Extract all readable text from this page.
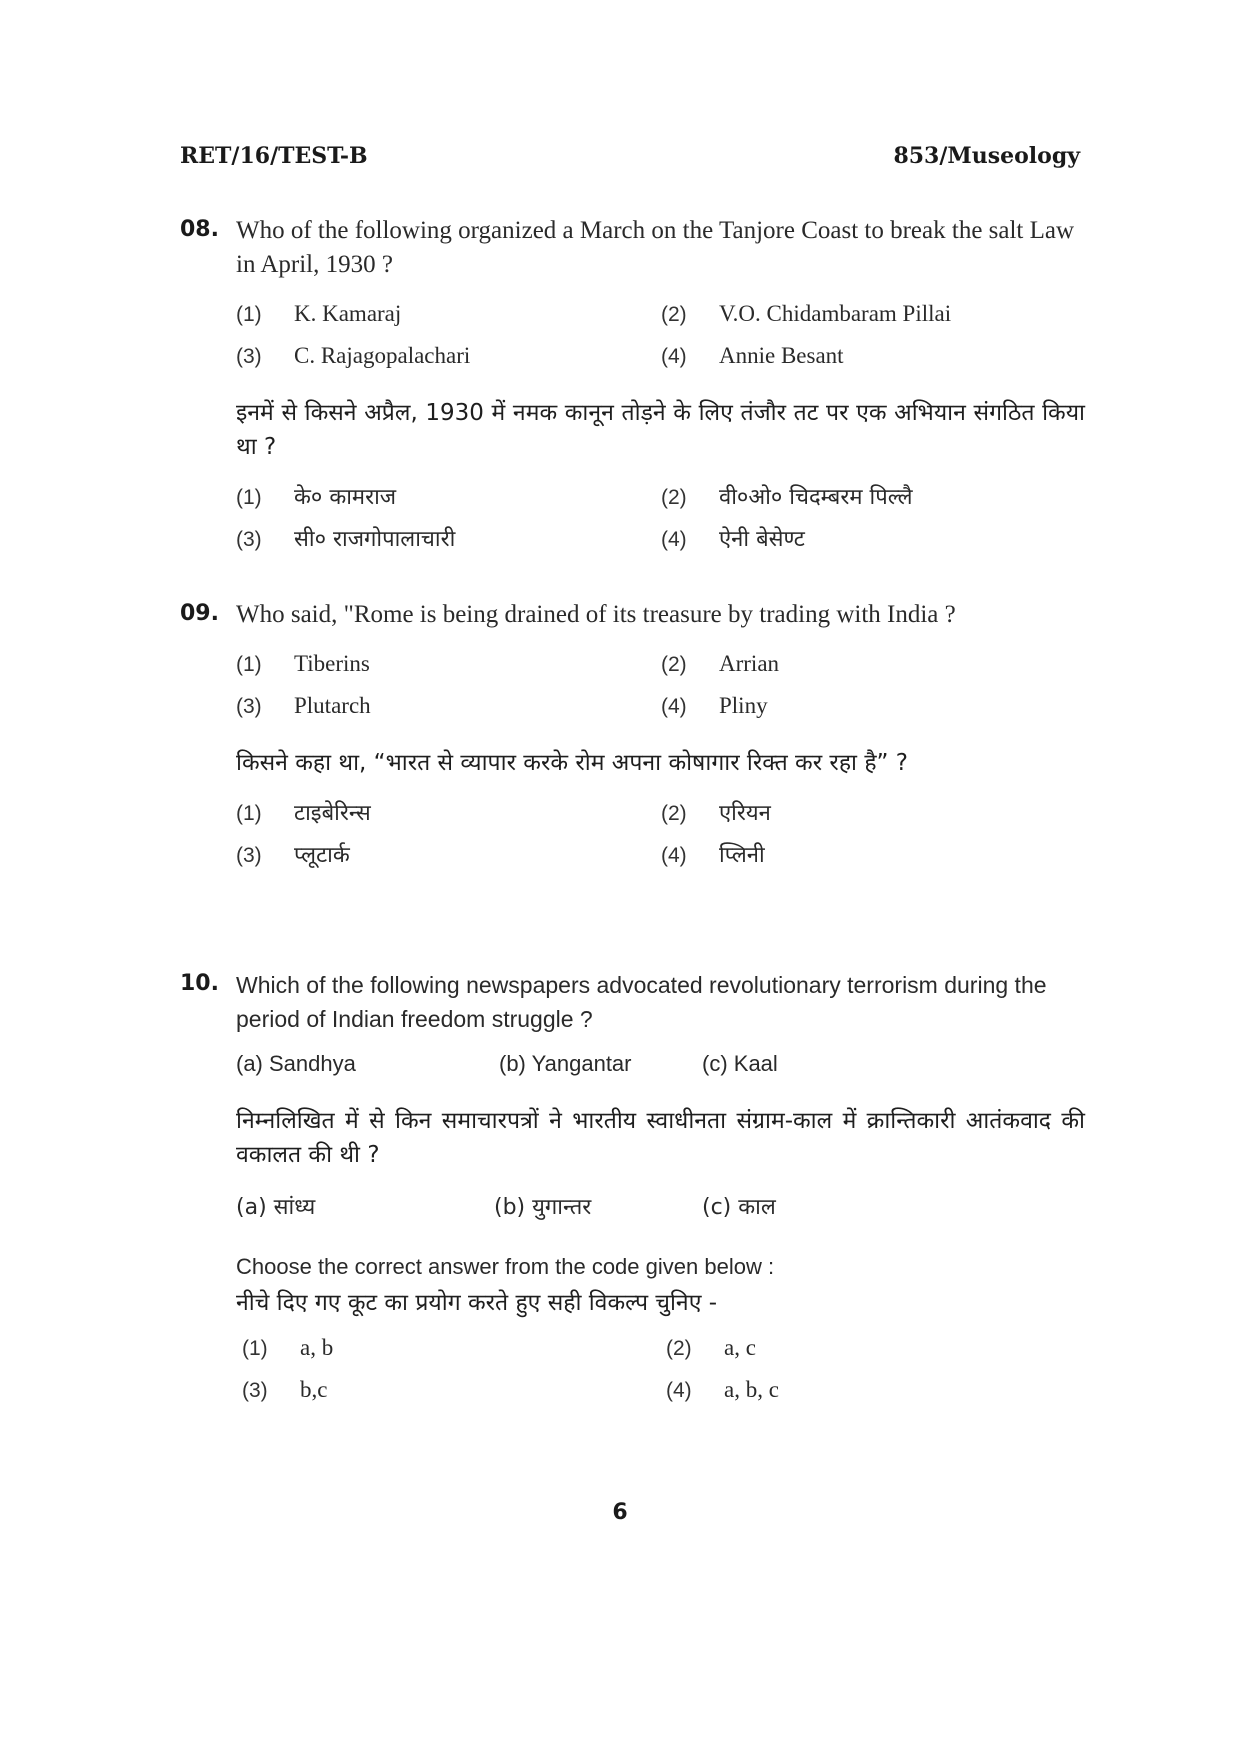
RET/16/TEST-B	853/Museology
08. Who of the following organized a March on the Tanjore Coast to break the salt Law in April, 1930 ?
(1) K. Kamaraj	(2) V.O. Chidambaram Pillai
(3) C. Rajagopalachari	(4) Annie Besant
इनमें से किसने अप्रैल, 1930 में नमक कानून तोड़ने के लिए तंजौर तट पर एक अभियान संगठित किया था ?
(1) के० कामराज	(2) वी०ओ० चिदम्बरम पिल्लै
(3) सी० राजगोपालाचारी	(4) ऐनी बेसेण्ट
09. Who said, "Rome is being drained of its treasure by trading with India ?
(1) Tiberins	(2) Arrian
(3) Plutarch	(4) Pliny
किसने कहा था, “भारत से व्यापार करके रोम अपना कोषागार रिक्त कर रहा है” ?
(1) टाइबेरिन्स	(2) एरियन
(3) प्लूटार्क	(4) प्लिनी
10. Which of the following newspapers advocated revolutionary terrorism during the period of Indian freedom struggle ?
(a) Sandhya	(b) Yangantar	(c) Kaal
निम्नलिखित में से किन समाचारपत्रों ने भारतीय स्वाधीनता संग्राम-काल में क्रान्तिकारी आतंकवाद की वकालत की थी ?
(a) सांध्य	(b) युगान्तर	(c) काल
Choose the correct answer from the code given below :
नीचे दिए गए कूट का प्रयोग करते हुए सही विकल्प चुनिए -
(1) a, b	(2) a, c
(3) b,c	(4) a, b, c
6
